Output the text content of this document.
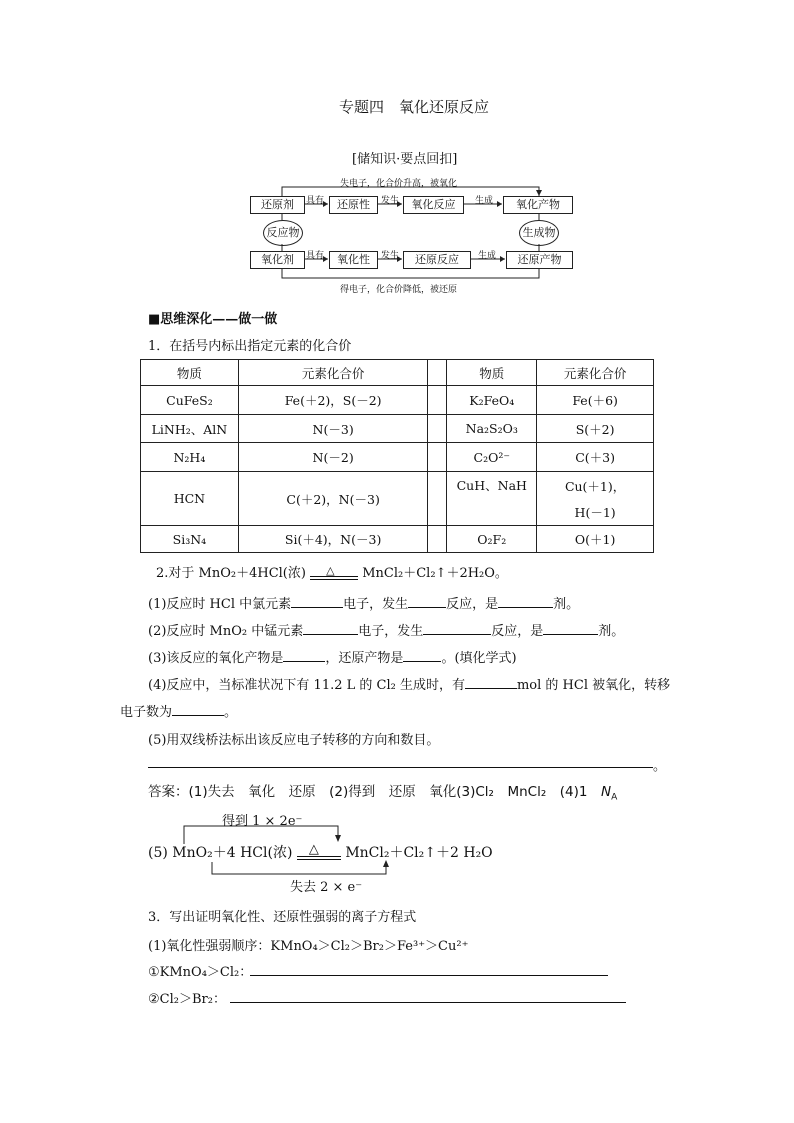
专题四　氧化还原反应
[储知识·要点回扣]
失电子，化合价升高，被氧化
得电子，化合价降低，被还原
还原剂	还原性	氧化反应	氧化产物
氧化剂	氧化性	还原反应	还原产物
具有	发生	生成
具有	发生	生成
反应物	生成物
■思维深化——做一做
1．在括号内标出指定元素的化合价
物质	元素化合价		物质	元素化合价
CuFeS₂	Fe(＋2)，S(－2)		K₂FeO₄	Fe(＋6)
LiNH₂、AlN	N(－3)		Na₂S₂O₃	S(＋2)
N₂H₄	N(－2)		C₂O²⁻	C(＋3)
HCN	C(＋2)，N(－3)		CuH、NaH	Cu(＋1)，
H(－1)

Si₃N₄	Si(＋4)，N(－3)		O₂F₂	O(＋1)
2.对于 MnO₂＋4HCl(浓) △ MnCl₂＋Cl₂↑＋2H₂O。
(1)反应时 HCl 中氯元素	电子，发生	反应，是	剂。
(2)反应时 MnO₂ 中锰元素	电子，发生	反应，是	剂。
(3)该反应的氧化产物是	，还原产物是	。(填化学式)
(4)反应中，当标准状况下有 11.2 L 的 Cl₂ 生成时，有	mol 的 HCl 被氧化，转移
电子数为	。
(5)用双线桥法标出该反应电子转移的方向和数目。
。
答案：(1)失去　氧化　还原　(2)得到　还原　氧化(3)Cl₂　MnCl₂　(4)1　$N_A$
得到 1 × 2e⁻
(5) MnO₂＋4 HCl(浓) △ MnCl₂＋Cl₂↑＋2 H₂O
失去 2 × e⁻
3．写出证明氧化性、还原性强弱的离子方程式
(1)氧化性强弱顺序：KMnO₄＞Cl₂＞Br₂＞Fe³⁺＞Cu²⁺
①KMnO₄＞Cl₂：
②Cl₂＞Br₂：
